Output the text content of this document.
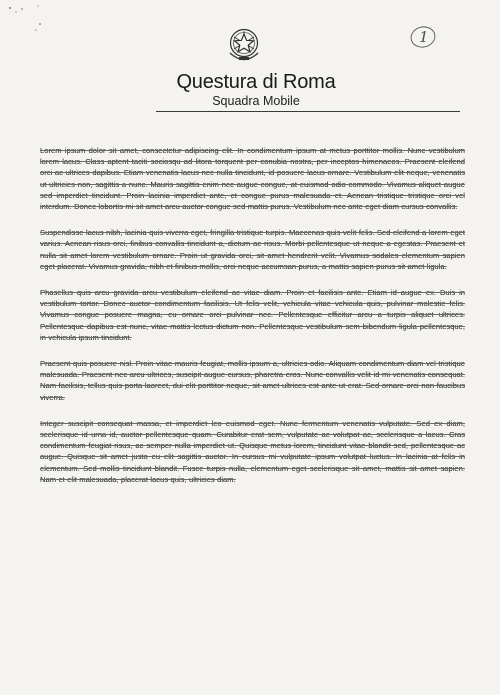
1
Questura di Roma
Squadra Mobile

Lorem ipsum dolor sit amet, consectetur adipiscing elit. In condimentum ipsum at metus porttitor mollis. Nunc vestibulum lorem lacus. Class aptent taciti sociosqu ad litora torquent per conubia nostra, per inceptos himenaeos. Praesent eleifend orci ac ultrices dapibus. Etiam venenatis lacus nec nulla tincidunt, id posuere lacus ornare. Vestibulum elit neque, venenatis ut ultricies non, sagittis a nunc. Mauris sagittis enim nec augue congue, at euismod odio commodo. Vivamus aliquet augue sed imperdiet tincidunt. Proin lacinia imperdiet ante, et congue purus malesuada et. Aenean tristique tristique orci vel interdum. Donec lobortis mi sit amet arcu auctor congue sed mattis purus. Vestibulum nec ante eget diam cursus convallis.

Suspendisse lacus nibh, lacinia quis viverra eget, fringilla tristique turpis. Maecenas quis velit felis. Sed eleifend a lorem eget varius. Aenean risus orci, finibus convallis tincidunt a, dictum ac risus. Morbi pellentesque ut neque a egestas. Praesent et nulla sit amet lorem vestibulum ornare. Proin ut gravida orci, sit amet hendrerit velit. Vivamus sodales elementum sapien eget placerat. Vivamus gravida, nibh et finibus mollis, orci neque accumsan purus, a mattis sapien purus sit amet ligula.

Phasellus quis arcu gravida arcu vestibulum eleifend ac vitae diam. Proin et facilisis ante. Etiam id augue ex. Duis in vestibulum tortor. Donec auctor condimentum facilisis. Ut felis velit, vehicula vitae vehicula quis, pulvinar molestie felis. Vivamus congue posuere magna, eu ornare orci pulvinar nec. Pellentesque efficitur arcu a turpis aliquet ultrices. Pellentesque dapibus est nunc, vitae mattis lectus dictum non. Pellentesque vestibulum sem bibendum ligula pellentesque, in vehicula ipsum tincidunt.

Praesent quis posuere nisl. Proin vitae mauris feugiat, mollis ipsum a, ultricies odio. Aliquam condimentum diam vel tristique malesuada. Praesent nec arcu ultrices, suscipit augue cursus, pharetra eros. Nunc convallis velit id mi venenatis consequat. Nam facilisis, tellus quis porta laoreet, dui elit porttitor neque, sit amet ultrices est ante ut erat. Sed ornare orci non faucibus viverra.

Integer suscipit consequat massa, et imperdiet leo euismod eget. Nunc fermentum venenatis vulputate. Sed ex diam, scelerisque id urna id, auctor pellentesque quam. Curabitur erat sem, vulputate ac volutpat ac, scelerisque a lacus. Cras condimentum feugiat risus, ac semper nulla imperdiet ut. Quisque metus lorem, tincidunt vitae blandit sed, pellentesque ac augue. Quisque sit amet justo eu elit sagittis auctor. In cursus mi vulputate ipsum volutpat luctus. In lacinia at felis in elementum. Sed mollis tincidunt blandit. Fusce turpis nulla, elementum eget scelerisque sit amet, mattis sit amet sapien. Nam et elit malesuada, placerat lacus quis, ultricies diam.
